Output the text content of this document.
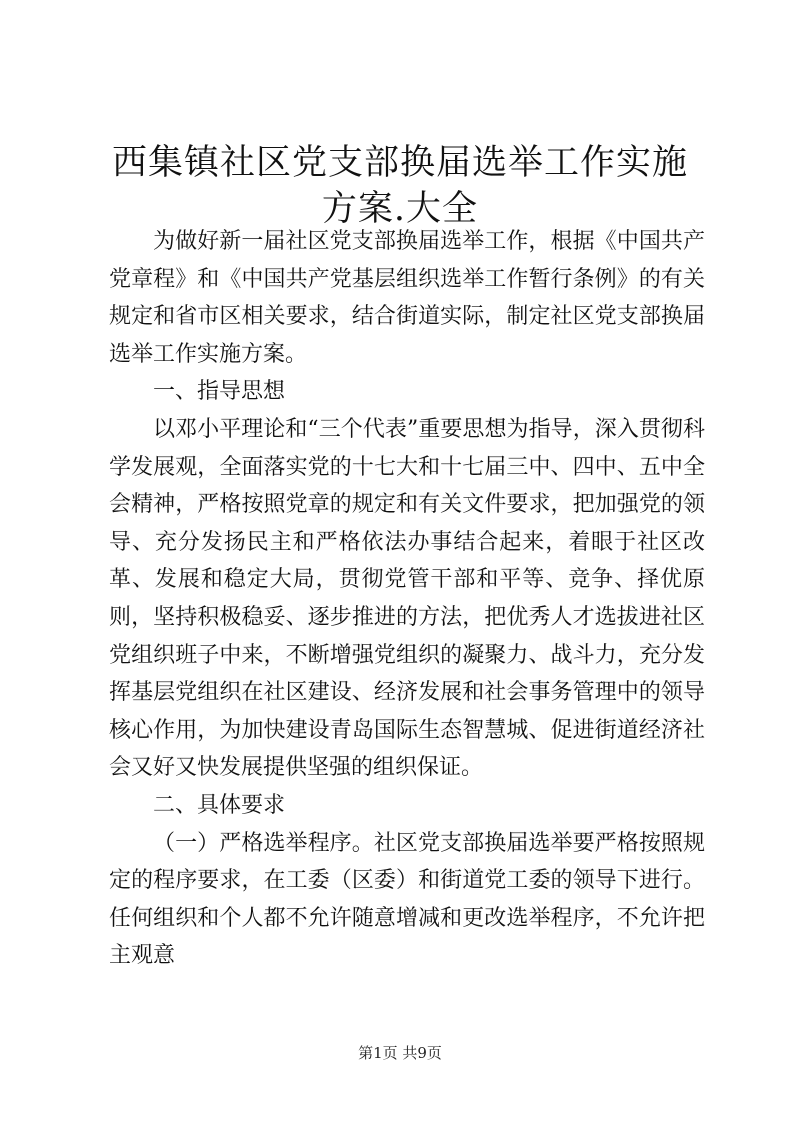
西集镇社区党支部换届选举工作实施方案.大全

为做好新一届社区党支部换届选举工作，根据《中国共产党章程》和《中国共产党基层组织选举工作暂行条例》的有关规定和省市区相关要求，结合街道实际，制定社区党支部换届选举工作实施方案。

一、指导思想

以邓小平理论和“三个代表”重要思想为指导，深入贯彻科学发展观，全面落实党的十七大和十七届三中、四中、五中全会精神，严格按照党章的规定和有关文件要求，把加强党的领导、充分发扬民主和严格依法办事结合起来，着眼于社区改革、发展和稳定大局，贯彻党管干部和平等、竞争、择优原则，坚持积极稳妥、逐步推进的方法，把优秀人才选拔进社区党组织班子中来，不断增强党组织的凝聚力、战斗力，充分发挥基层党组织在社区建设、经济发展和社会事务管理中的领导核心作用，为加快建设青岛国际生态智慧城、促进街道经济社会又好又快发展提供坚强的组织保证。

二、具体要求

（一）严格选举程序。社区党支部换届选举要严格按照规定的程序要求，在工委（区委）和街道党工委的领导下进行。任何组织和个人都不允许随意增减和更改选举程序，不允许把主观意

第1页 共9页
